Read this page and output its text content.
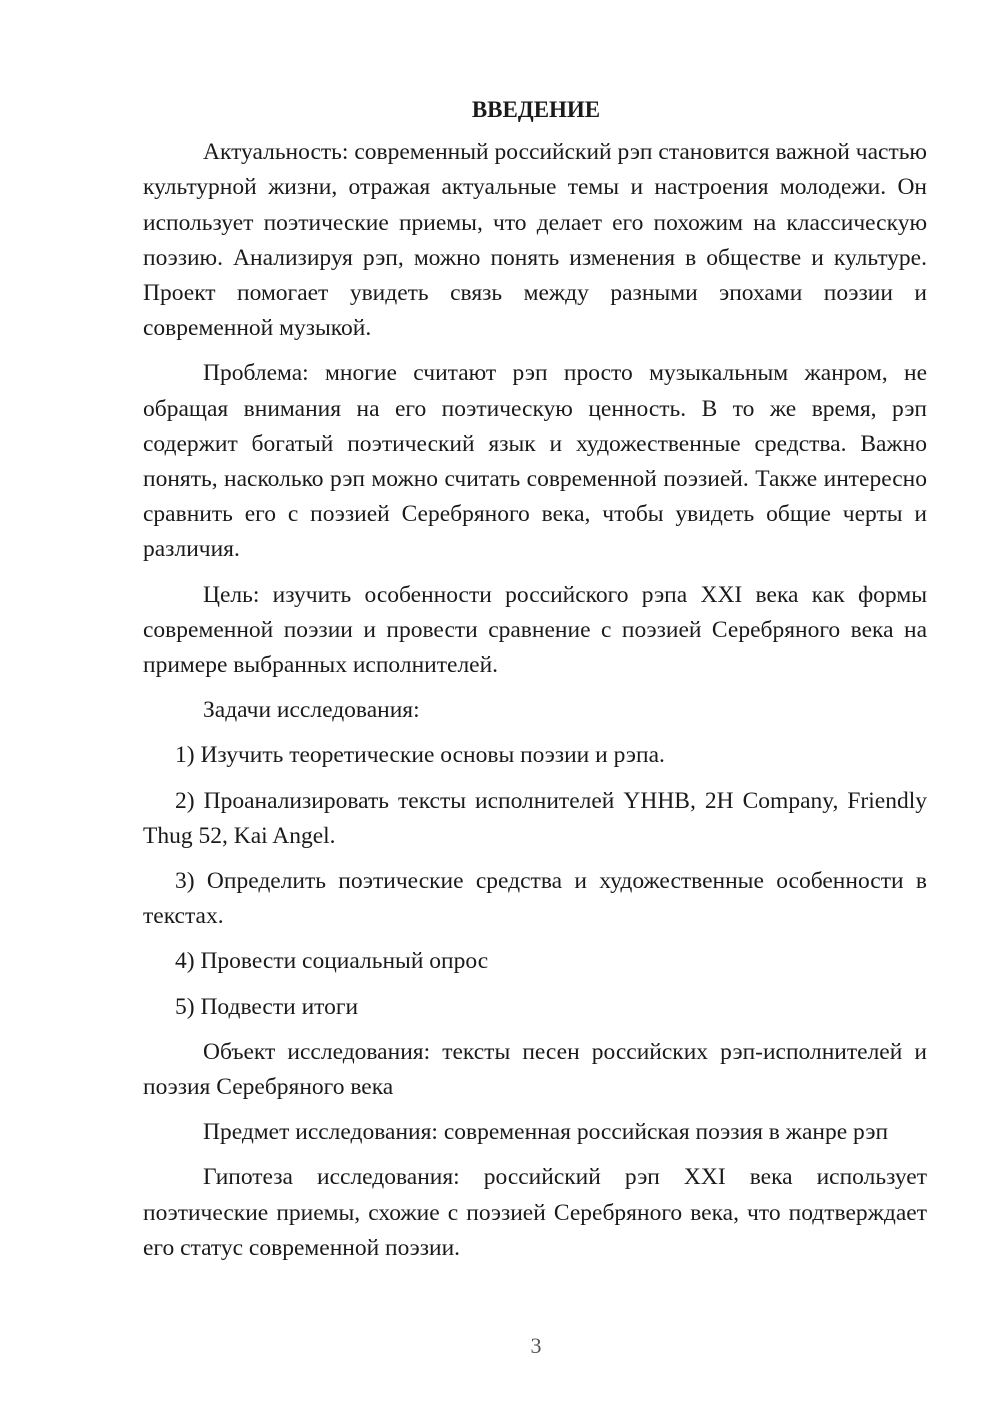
ВВЕДЕНИЕ

Актуальность: современный российский рэп становится важной частью культурной жизни, отражая актуальные темы и настроения молодежи. Он использует поэтические приемы, что делает его похожим на классическую поэзию. Анализируя рэп, можно понять изменения в обществе и культуре. Проект помогает увидеть связь между разными эпохами поэзии и современной музыкой.

Проблема: многие считают рэп просто музыкальным жанром, не обращая внимания на его поэтическую ценность. В то же время, рэп содержит богатый поэтический язык и художественные средства. Важно понять, насколько рэп можно считать современной поэзией. Также интересно сравнить его с поэзией Серебряного века, чтобы увидеть общие черты и различия.

Цель: изучить особенности российского рэпа XXI века как формы современной поэзии и провести сравнение с поэзией Серебряного века на примере выбранных исполнителей.

Задачи исследования:

1) Изучить теоретические основы поэзии и рэпа.

2) Проанализировать тексты исполнителей YHHB, 2H Company, Friendly Thug 52, Kai Angel.

3) Определить поэтические средства и художественные особенности в текстах.

4) Провести социальный опрос

5) Подвести итоги

Объект исследования: тексты песен российских рэп-исполнителей и поэзия Серебряного века

Предмет исследования: современная российская поэзия в жанре рэп

Гипотеза исследования: российский рэп XXI века использует поэтические приемы, схожие с поэзией Серебряного века, что подтверждает его статус современной поэзии.

3
